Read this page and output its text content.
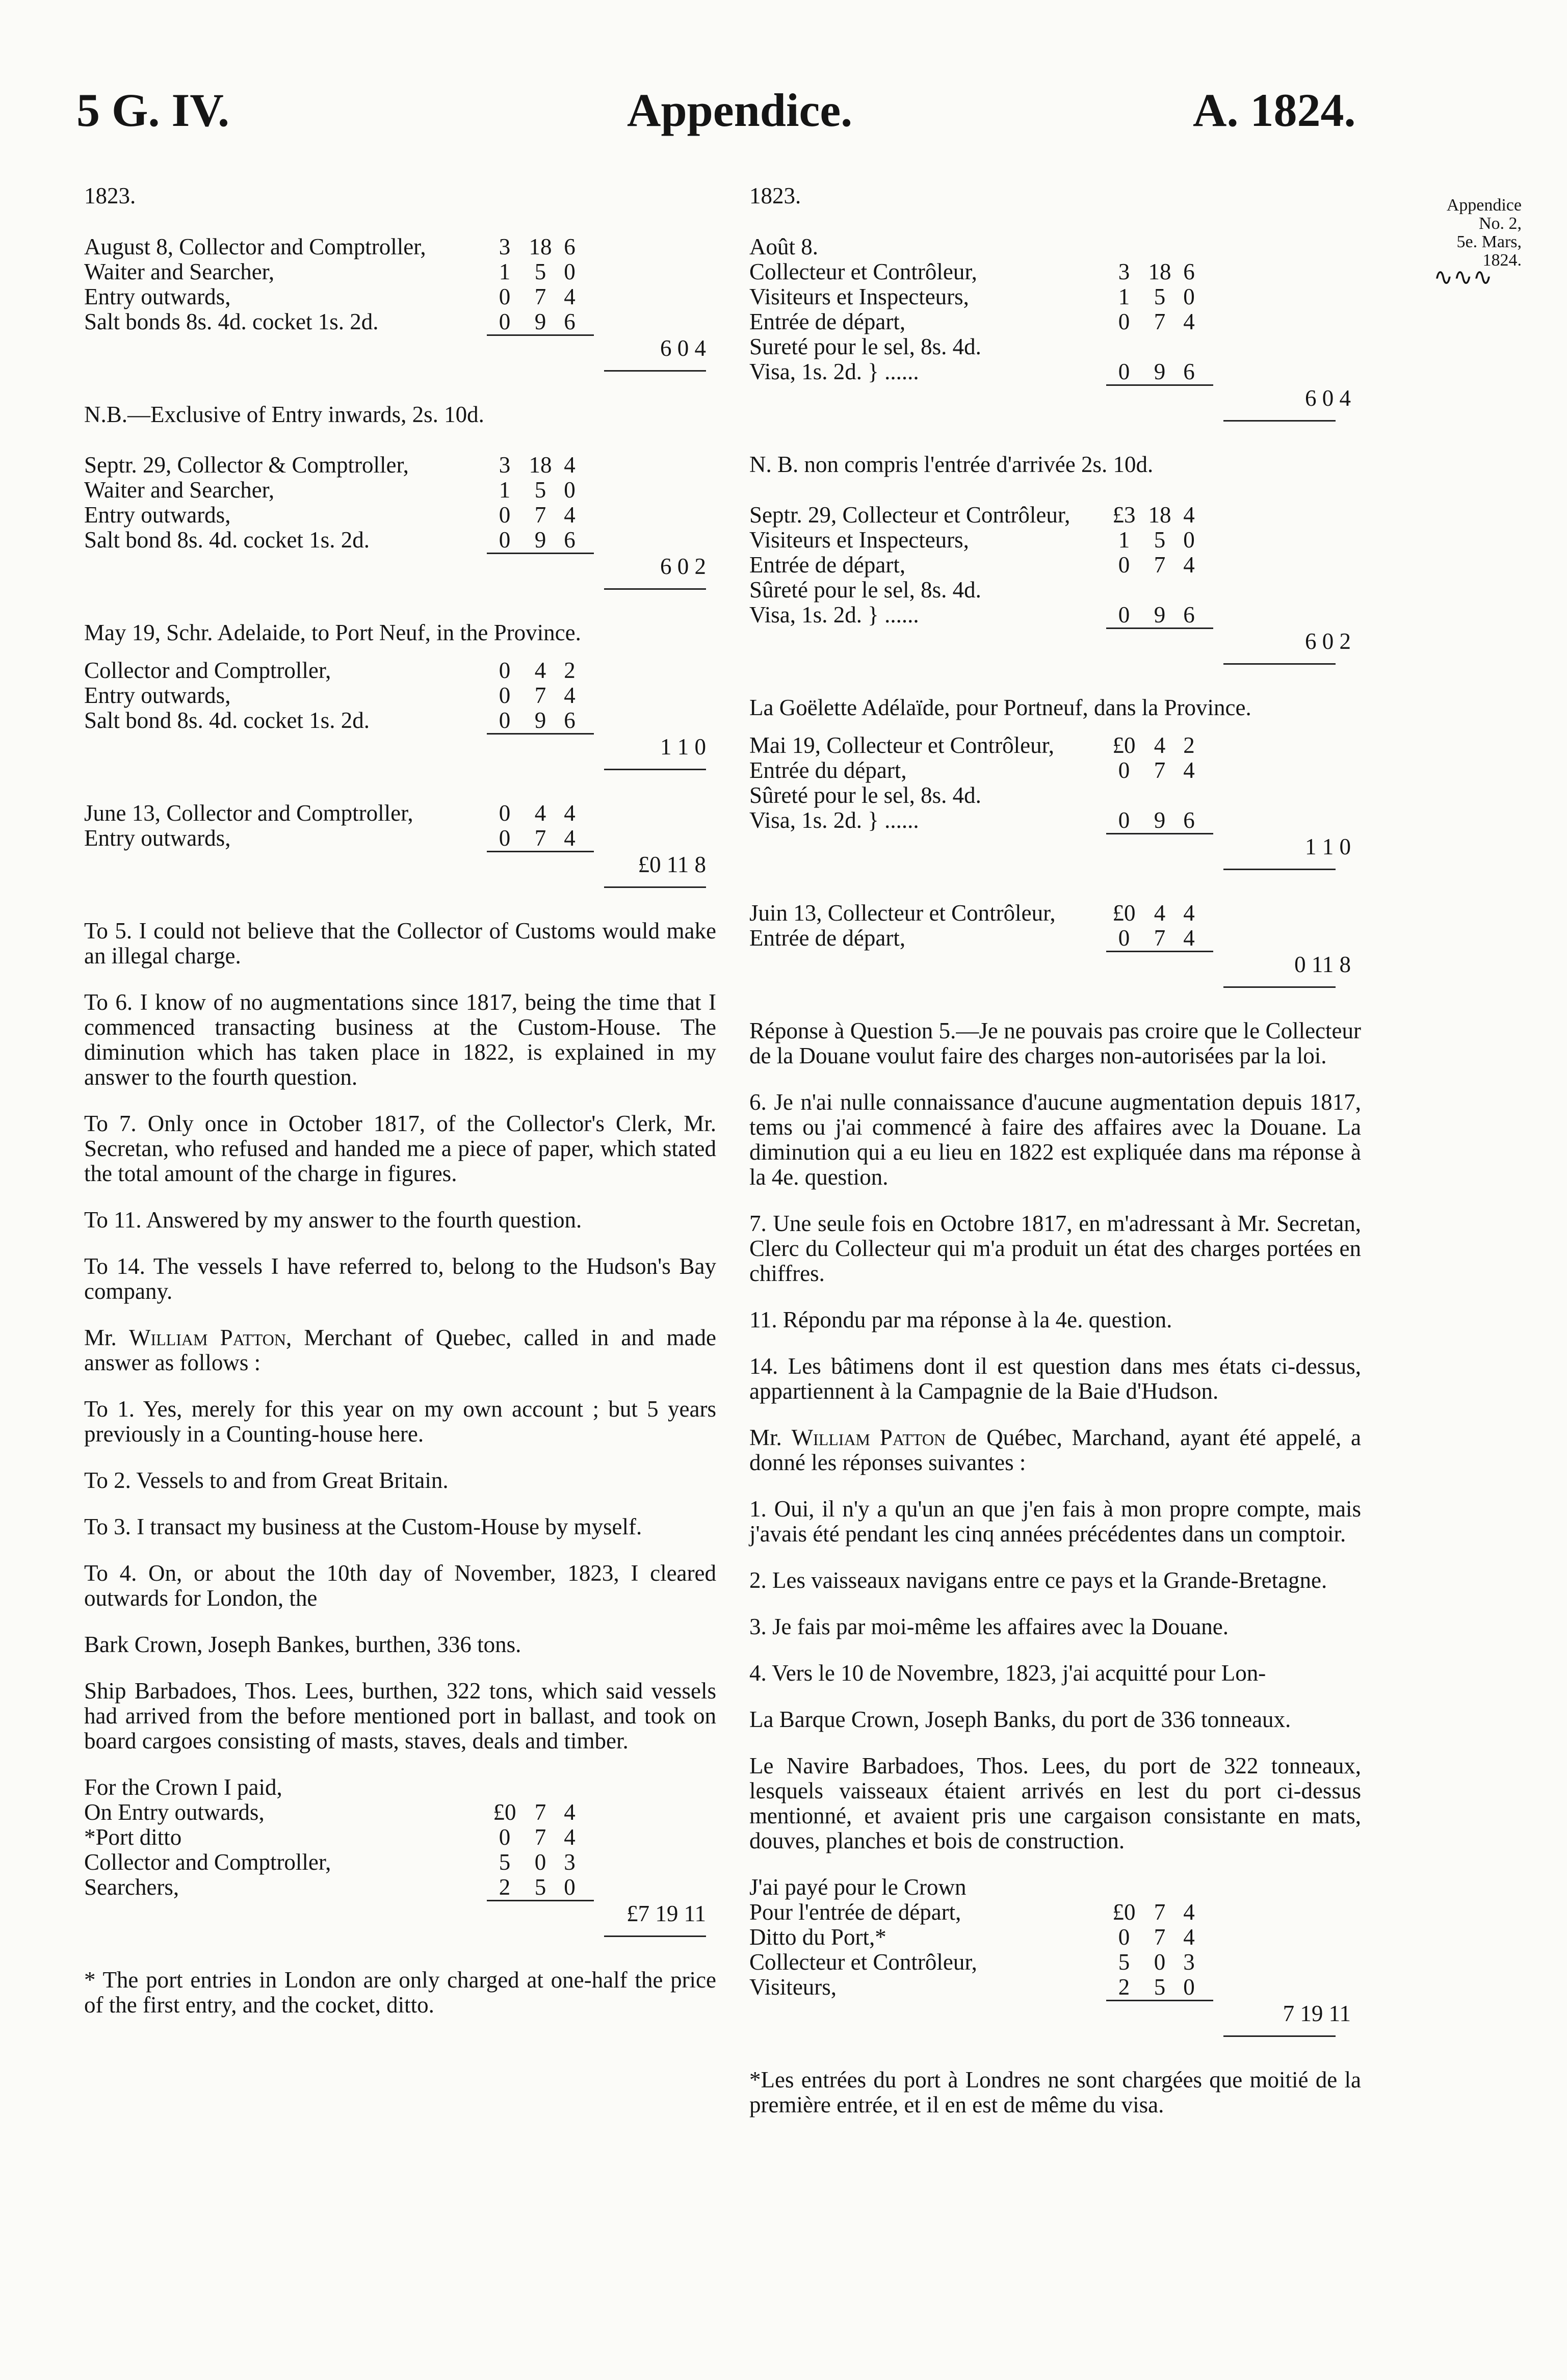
5 G. IV.	Appendice.	A. 1824.
Appendice
No. 2,
5e. Mars,
1824.
∿∿∿
1823.
August 8, Collector and Comptroller,	3 18 6
Waiter and Searcher,	1	5 0
Entry outwards,	0	7 4
Salt bonds 8s. 4d. cocket 1s. 2d.	0	9 6
6 0 4
N.B.—Exclusive of Entry inwards, 2s. 10d.
Septr. 29, Collector & Comptroller,	3 18 4
Waiter and Searcher,	1	5 0
Entry outwards,	0	7 4
Salt bond 8s. 4d. cocket 1s. 2d.	0	9 6
6 0 2
May 19, Schr. Adelaide, to Port Neuf, in the Province.
Collector and Comptroller,	0	4 2
Entry outwards,	0	7 4
Salt bond 8s. 4d. cocket 1s. 2d.	0	9 6
1 1 0
June 13, Collector and Comptroller,	0	4 4
Entry outwards,	0	7 4
£0 11 8

To 5. I could not believe that the Collector of Customs would make an illegal charge.

To 6. I know of no augmentations since 1817, being the time that I commenced transacting business at the Custom-House. The diminution which has taken place in 1822, is explained in my answer to the fourth question.

To 7. Only once in October 1817, of the Collector's Clerk, Mr. Secretan, who refused and handed me a piece of paper, which stated the total amount of the charge in figures.

To 11. Answered by my answer to the fourth question.

To 14. The vessels I have referred to, belong to the Hudson's Bay company.

Mr. William Patton, Merchant of Quebec, called in and made answer as follows :

To 1. Yes, merely for this year on my own account ; but 5 years previously in a Counting-house here.

To 2. Vessels to and from Great Britain.

To 3. I transact my business at the Custom-House by myself.

To 4. On, or about the 10th day of November, 1823, I cleared outwards for London, the

Bark Crown, Joseph Bankes, burthen, 336 tons.

Ship Barbadoes, Thos. Lees, burthen, 322 tons, which said vessels had arrived from the before mentioned port in ballast, and took on board cargoes consisting of masts, staves, deals and timber.

For the Crown I paid,
On Entry outwards,	£0 7 4
*Port ditto	0	7 4
Collector and Comptroller,	5	0 3
Searchers,	2	5 0
£7 19 11

* The port entries in London are only charged at one-half the price of the first entry, and the cocket, ditto.

1823.
Août 8.
Collecteur et Contrôleur,	3 18 6
Visiteurs et Inspecteurs,	1	5 0
Entrée de départ,	0	7 4
Sureté pour le sel, 8s. 4d.
Visa, 1s. 2d. } ......	0	9 6
6 0 4
N. B. non compris l'entrée d'arrivée 2s. 10d.
Septr. 29, Collecteur et Contrôleur,	£3 18 4
Visiteurs et Inspecteurs,	1	5 0
Entrée de départ,	0	7 4
Sûreté pour le sel, 8s. 4d.
Visa, 1s. 2d. } ......	0	9 6
6 0 2
La Goëlette Adélaïde, pour Portneuf, dans la Province.
Mai 19, Collecteur et Contrôleur,	£0 4 2
Entrée du départ,	0	7 4
Sûreté pour le sel, 8s. 4d.
Visa, 1s. 2d. } ......	0	9 6
1 1 0
Juin 13, Collecteur et Contrôleur,	£0 4 4
Entrée de départ,	0	7 4
0 11 8

Réponse à Question 5.—Je ne pouvais pas croire que le Collecteur de la Douane voulut faire des charges non-autorisées par la loi.

6. Je n'ai nulle connaissance d'aucune augmentation depuis 1817, tems ou j'ai commencé à faire des affaires avec la Douane. La diminution qui a eu lieu en 1822 est expliquée dans ma réponse à la 4e. question.

7. Une seule fois en Octobre 1817, en m'adressant à Mr. Secretan, Clerc du Collecteur qui m'a produit un état des charges portées en chiffres.

11. Répondu par ma réponse à la 4e. question.

14. Les bâtimens dont il est question dans mes états ci-dessus, appartiennent à la Campagnie de la Baie d'Hudson.

Mr. William Patton de Québec, Marchand, ayant été appelé, a donné les réponses suivantes :

1. Oui, il n'y a qu'un an que j'en fais à mon propre compte, mais j'avais été pendant les cinq années précédentes dans un comptoir.

2. Les vaisseaux navigans entre ce pays et la Grande-Bretagne.

3. Je fais par moi-même les affaires avec la Douane.

4. Vers le 10 de Novembre, 1823, j'ai acquitté pour Lon-

La Barque Crown, Joseph Banks, du port de 336 tonneaux.

Le Navire Barbadoes, Thos. Lees, du port de 322 tonneaux, lesquels vaisseaux étaient arrivés en lest du port ci-dessus mentionné, et avaient pris une cargaison consistante en mats, douves, planches et bois de construction.

J'ai payé pour le Crown
Pour l'entrée de départ,	£0 7 4
Ditto du Port,*	0	7 4
Collecteur et Contrôleur,	5	0 3
Visiteurs,	2	5 0
7 19 11

*Les entrées du port à Londres ne sont chargées que moitié de la première entrée, et il en est de même du visa.
